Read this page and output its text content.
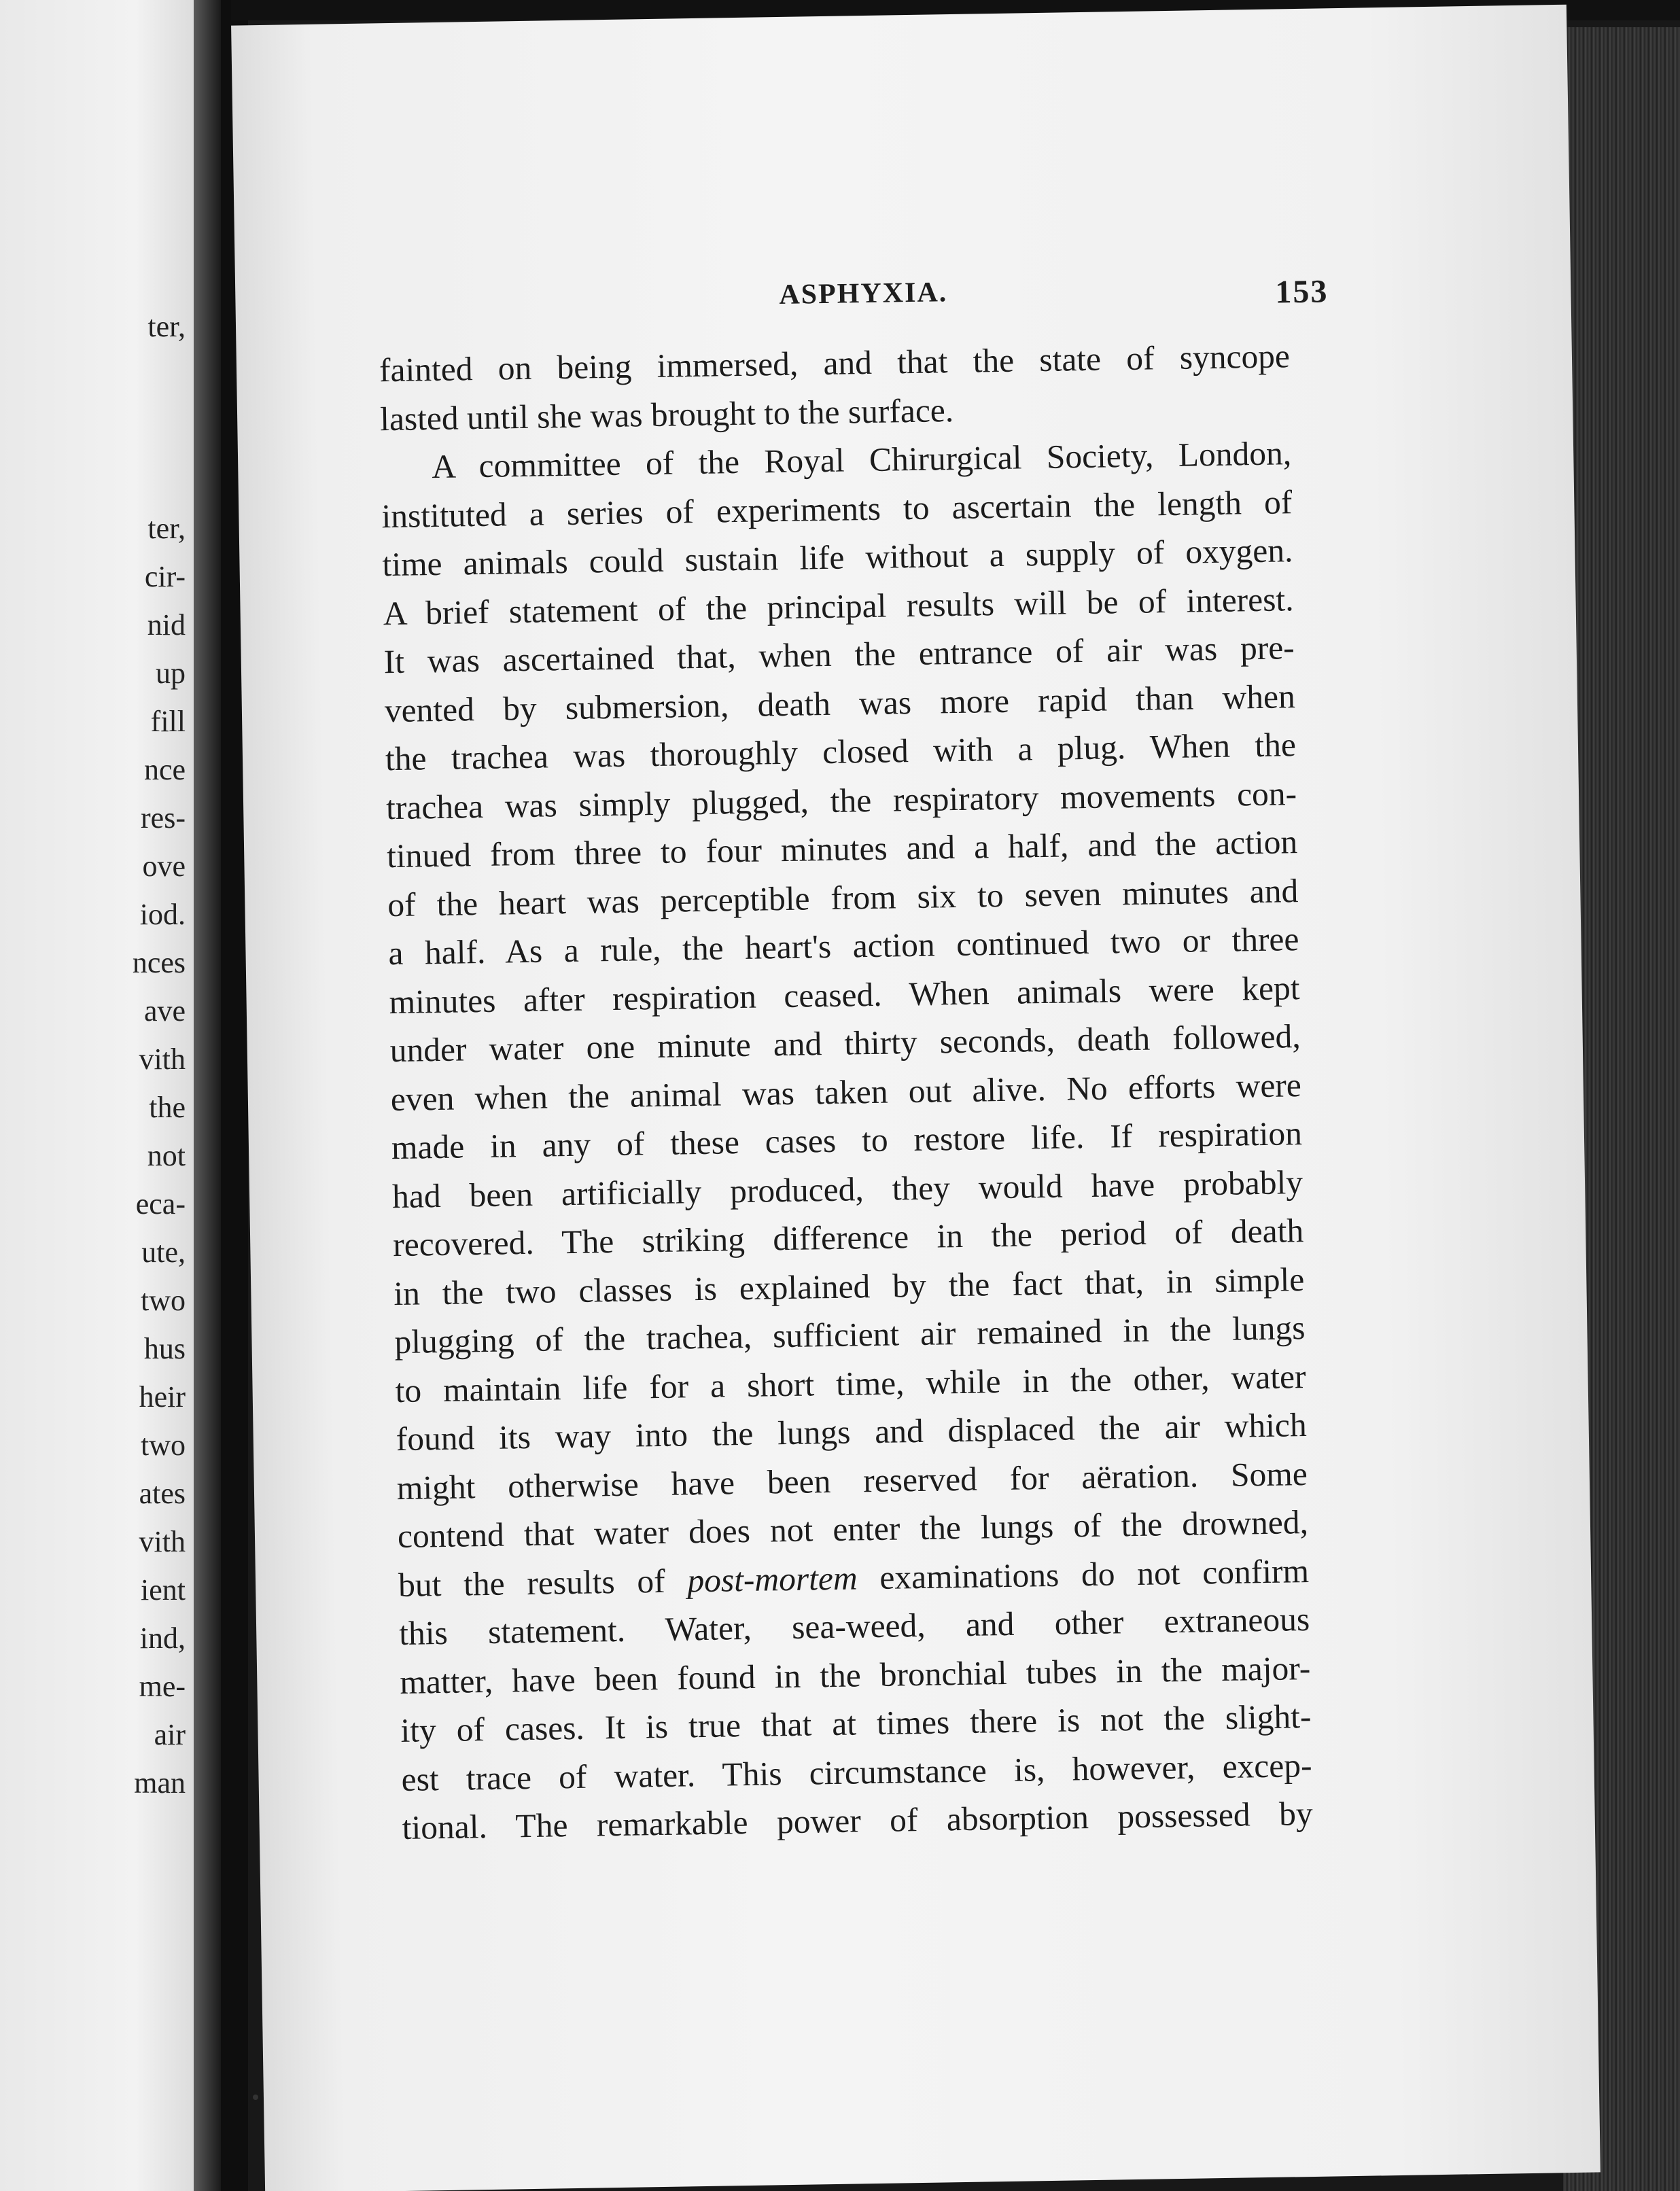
ter,
ter,
cir-
nid
up
fill
nce
res-
ove
iod.
nces
ave
vith
the
not
eca-
ute,
two
hus
heir
two
ates
vith
ient
ind,
me-
air
man
ASPHYXIA.	153
fainted on being immersed, and that the state of syncope
lasted until she was brought to the surface.
A committee of the Royal Chirurgical Society, London,
instituted a series of experiments to ascertain the length of
time animals could sustain life without a supply of oxygen.
A brief statement of the principal results will be of interest.
It was ascertained that, when the entrance of air was pre-
vented by submersion, death was more rapid than when
the trachea was thoroughly closed with a plug. When the
trachea was simply plugged, the respiratory movements con-
tinued from three to four minutes and a half, and the action
of the heart was perceptible from six to seven minutes and
a half. As a rule, the heart's action continued two or three
minutes after respiration ceased. When animals were kept
under water one minute and thirty seconds, death followed,
even when the animal was taken out alive. No efforts were
made in any of these cases to restore life. If respiration
had been artificially produced, they would have probably
recovered. The striking difference in the period of death
in the two classes is explained by the fact that, in simple
plugging of the trachea, sufficient air remained in the lungs
to maintain life for a short time, while in the other, water
found its way into the lungs and displaced the air which
might otherwise have been reserved for aëration. Some
contend that water does not enter the lungs of the drowned,
but the results of post-mortem examinations do not confirm
this statement. Water, sea-weed, and other extraneous
matter, have been found in the bronchial tubes in the major-
ity of cases. It is true that at times there is not the slight-
est trace of water. This circumstance is, however, excep-
tional. The remarkable power of absorption possessed by
